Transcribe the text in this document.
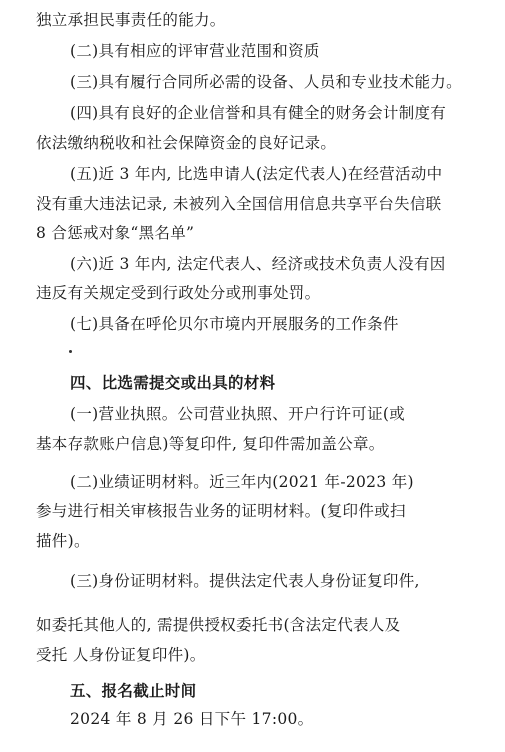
独立承担民事责任的能力。
(二)具有相应的评审营业范围和资质
(三)具有履行合同所必需的设备、人员和专业技术能力。
(四)具有良好的企业信誉和具有健全的财务会计制度有
依法缴纳税收和社会保障资金的良好记录。
(五)近 3 年内, 比选申请人(法定代表人)在经营活动中
没有重大违法记录, 未被列入全国信用信息共享平台失信联
8 合惩戒对象“黑名单”
(六)近 3 年内, 法定代表人、经济或技术负责人没有因
违反有关规定受到行政处分或刑事处罚。
(七)具备在呼伦贝尔市境内开展服务的工作条件
四、比选需提交或出具的材料
(一)营业执照。公司营业执照、开户行许可证(或
基本存款账户信息)等复印件, 复印件需加盖公章。
(二)业绩证明材料。近三年内(2021 年-2023 年)
参与进行相关审核报告业务的证明材料。(复印件或扫
描件)。
(三)身份证明材料。提供法定代表人身份证复印件,
如委托其他人的, 需提供授权委托书(含法定代表人及
受托 人身份证复印件)。
五、报名截止时间
2024 年 8 月 26 日下午 17:00。
